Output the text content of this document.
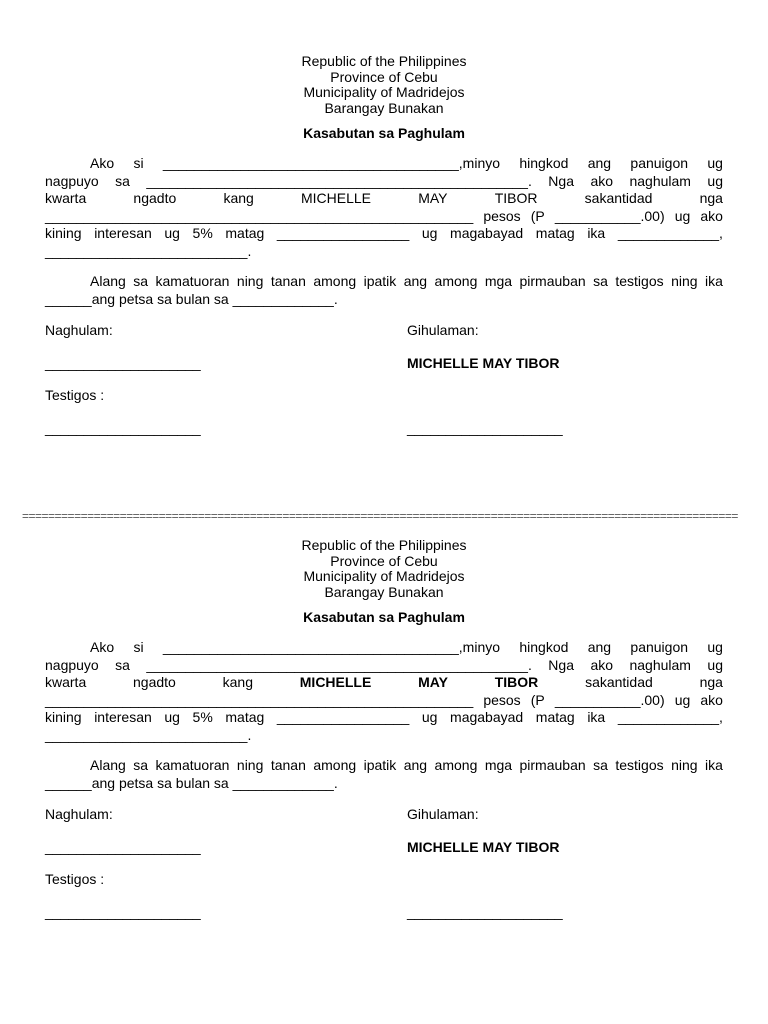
Republic of the Philippines
Province of Cebu
Municipality of Madridejos
Barangay Bunakan
Kasabutan sa Paghulam
Ako si ______________________________________,minyo hingkod ang panuigon ug
nagpuyo sa _________________________________________________. Nga ako naghulam ug
kwarta	ngadto	kang	MICHELLE	MAY	TIBOR	sakantidad	nga
_______________________________________________________ pesos (P ___________.00) ug ako
kining interesan ug 5% matag _________________ ug magabayad matag ika _____________,
__________________________.
Alang sa kamatuoran ning tanan among ipatik ang among mga pirmauban sa testigos ning ika
______ang petsa sa bulan sa _____________.
Naghulam:	Gihulaman:
____________________	MICHELLE MAY TIBOR
Testigos :
____________________	____________________
==============================================================================================================
Republic of the Philippines
Province of Cebu
Municipality of Madridejos
Barangay Bunakan
Kasabutan sa Paghulam
Ako si ______________________________________,minyo hingkod ang panuigon ug
nagpuyo sa _________________________________________________. Nga ako naghulam ug
kwarta	ngadto	kang	MICHELLE	MAY	TIBOR	sakantidad	nga
_______________________________________________________ pesos (P ___________.00) ug ako
kining interesan ug 5% matag _________________ ug magabayad matag ika _____________,
__________________________.
Alang sa kamatuoran ning tanan among ipatik ang among mga pirmauban sa testigos ning ika
______ang petsa sa bulan sa _____________.
Naghulam:	Gihulaman:
____________________	MICHELLE MAY TIBOR
Testigos :
____________________	____________________
